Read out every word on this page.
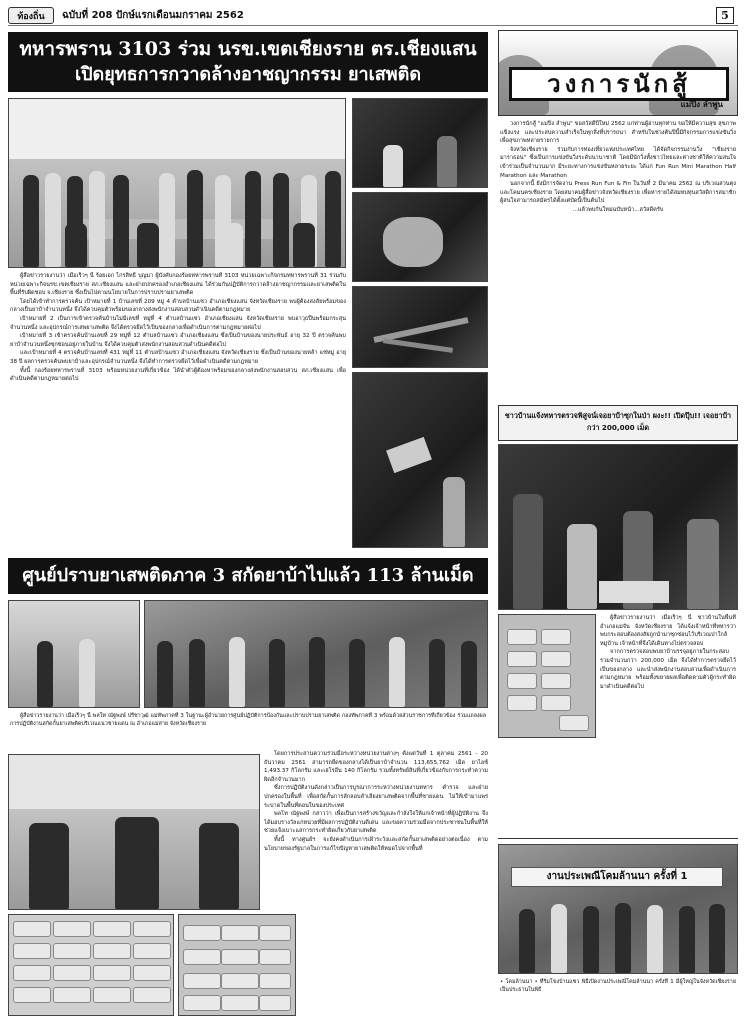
ท้องถิ่น	ฉบับที่ 208 ปักษ์แรกเดือนมกราคม 2562	5
ทหารพราน 3103 ร่วม นรข.เขตเชียงราย ตร.เชียงแสน
เปิดยุทธการกวาดล้างอาชญากรรม ยาเสพติด

ผู้สื่อข่าวรายงานว่า เมื่อเร็วๆ นี้ ร้อยเอก ไกรสิทธิ์ บุญมา ผู้บังคับกองร้อยทหารพรานที่ 3103 หน่วยเฉพาะกิจกรมทหารพรานที่ 31 ร่วมกับหน่วยเฉพาะกิจนรข.เขตเชียงราย สภ.เชียงแสน และฝ่ายปกครองอำเภอเชียงแสน ได้ร่วมกันปฏิบัติการกวาดล้างอาชญากรรมและยาเสพติดในพื้นที่รับผิดชอบ จ.เชียงราย ซึ่งเป็นไปตามนโยบายในการปราบปรามยาเสพติด

โดยได้เข้าทำการตรวจค้น เป้าหมายที่ 1 บ้านเลขที่ 209 หมู่ 4 ตำบลบ้านแซว อำเภอเชียงแสน จังหวัดเชียงราย พบผู้ต้องสงสัยพร้อมของกลางเป็นยาบ้าจำนวนหนึ่ง จึงได้ควบคุมตัวพร้อมของกลางส่งพนักงานสอบสวนดำเนินคดีตามกฎหมาย

เป้าหมายที่ 2 เป็นการเข้าตรวจค้นบ้านไม่มีเลขที่ หมู่ที่ 4 ตำบลบ้านแซว อำเภอเชียงแสน จังหวัดเชียงราย พบอาวุธปืนพร้อมกระสุนจำนวนหนึ่ง และอุปกรณ์การเสพยาเสพติด จึงได้ตรวจยึดไว้เป็นของกลางเพื่อดำเนินการตามกฎหมายต่อไป

เป้าหมายที่ 3 เข้าตรวจค้นบ้านเลขที่ 29 หมู่ที่ 12 ตำบลบ้านแซว อำเภอเชียงแสน ซึ่งเป็นบ้านของนายประพันธ์ อายุ 32 ปี ตรวจค้นพบยาบ้าจำนวนหนึ่งซุกซ่อนอยู่ภายในบ้าน จึงได้ควบคุมตัวส่งพนักงานสอบสวนดำเนินคดีต่อไป

และเป้าหมายที่ 4 ตรวจค้นบ้านเลขที่ 431 หมู่ที่ 11 ตำบลบ้านแซว อำเภอเชียงแสน จังหวัดเชียงราย ซึ่งเป็นบ้านของนายหล้า แซ่หมู่ อายุ 38 ปี ผลการตรวจค้นพบยาบ้าและอุปกรณ์จำนวนหนึ่ง จึงได้ทำการตรวจยึดไว้เพื่อดำเนินคดีตามกฎหมาย

ทั้งนี้ กองร้อยทหารพรานที่ 3103 พร้อมหน่วยงานที่เกี่ยวข้อง ได้นำตัวผู้ต้องหาพร้อมของกลางส่งพนักงานสอบสวน สภ.เชียงแสน เพื่อดำเนินคดีตามกฎหมายต่อไป

ศูนย์ปราบยาเสพติดภาค 3 สกัดยาบ้าไปแล้ว 113 ล้านเม็ด
ผู้สื่อข่าวรายงานว่า เมื่อเร็วๆ นี้ พลโท ณัฐพงษ์ ปรีชาวุฒิ แม่ทัพภาคที่ 3 ในฐานะผู้อำนวยการศูนย์ปฏิบัติการป้องกันและปราบปรามยาเสพติด กองทัพภาคที่ 3 พร้อมด้วยส่วนราชการที่เกี่ยวข้อง ร่วมแถลงผลการปฏิบัติงานสกัดกั้นยาเสพติดบริเวณแนวชายแดน ณ อำเภอแม่สาย จังหวัดเชียงราย

โดยการประสานความร่วมมือระหว่างหน่วยงานต่างๆ ตั้งแต่วันที่ 1 ตุลาคม 2561 - 20 ธันวาคม 2561 สามารถยึดของกลางได้เป็นยาบ้าจำนวน 113,655,762 เม็ด ยาไอซ์ 1,493.37 กิโลกรัม และเฮโรอีน 140 กิโลกรัม รวมทั้งทรัพย์สินที่เกี่ยวข้องกับการกระทำความผิดอีกจำนวนมาก

ซึ่งการปฏิบัติงานดังกล่าวเป็นการบูรณาการระหว่างหน่วยงานทหาร ตำรวจ และฝ่ายปกครองในพื้นที่ เพื่อสกัดกั้นการลักลอบลำเลียงยาเสพติดจากพื้นที่ชายแดน ไม่ให้เข้ามาแพร่ระบาดในพื้นที่ตอนในของประเทศ

พลโท ณัฐพงษ์ กล่าวว่า เพื่อเป็นการสร้างขวัญและกำลังใจให้แก่เจ้าหน้าที่ผู้ปฏิบัติงาน จึงได้มอบรางวัลแก่หน่วยที่มีผลการปฏิบัติงานดีเด่น และขอความร่วมมือจากประชาชนในพื้นที่ให้ช่วยแจ้งเบาะแสการกระทำผิดเกี่ยวกับยาเสพติด

ทั้งนี้ ทางศูนย์ฯ จะยังคงดำเนินการเฝ้าระวังและสกัดกั้นยาเสพติดอย่างต่อเนื่อง ตามนโยบายของรัฐบาลในการแก้ไขปัญหายาเสพติดให้หมดไปจากพื้นที่

วงการนักสู้
แม่ปิง ลำพูน

วงการนักสู้ "แม่ปิง ลำพูน" ขอสวัสดีปีใหม่ 2562 แก่ท่านผู้อ่านทุกท่าน ขอให้มีความสุข สุขภาพแข็งแรง และประสบความสำเร็จในทุกสิ่งที่ปรารถนา สำหรับในช่วงต้นปีนี้มีกิจกรรมการแข่งขันวิ่งเพื่อสุขภาพหลายรายการ

จังหวัดเชียงราย ร่วมกับการท่องเที่ยวแห่งประเทศไทย ได้จัดกิจกรรมงานวิ่ง "เชียงรายมาราธอน" ซึ่งเป็นการแข่งขันวิ่งระดับนานาชาติ โดยมีนักวิ่งทั้งชาวไทยและต่างชาติให้ความสนใจเข้าร่วมเป็นจำนวนมาก มีระยะทางการแข่งขันหลายระยะ ได้แก่ Fun Run Mini Marathon Half Marathon และ Marathon

นอกจากนี้ ยังมีการจัดงาน Press Run Fun & Fin ในวันที่ 2 มีนาคม 2562 ณ บริเวณสวนตุงและโคมนครเชียงราย โดยสมาคมผู้สื่อข่าวจังหวัดเชียงราย เพื่อหารายได้สมทบทุนสวัสดิการสมาชิก ผู้สนใจสามารถสมัครได้ตั้งแต่บัดนี้เป็นต้นไป

...แล้วพบกันใหม่ฉบับหน้า...สวัสดีครับ

ชาวบ้านแจ้งทหารตรวจพิสูจน์เจอยาบ้าซุกในป่า ผงะ!! เปิดปุ๊บ!! เจอยาบ้ากว่า 200,000 เม็ด

ผู้สื่อข่าวรายงานว่า เมื่อเร็วๆ นี้ ชาวบ้านในพื้นที่อำเภอแม่จัน จังหวัดเชียงราย ได้แจ้งเจ้าหน้าที่ทหารว่าพบกระสอบต้องสงสัยถูกนำมาซุกซ่อนไว้บริเวณป่าใกล้หมู่บ้าน เจ้าหน้าที่จึงได้เดินทางไปตรวจสอบ

จากการตรวจสอบพบยาบ้าบรรจุอยู่ภายในกระสอบ รวมจำนวนกว่า 200,000 เม็ด จึงได้ทำการตรวจยึดไว้เป็นของกลาง และนำส่งพนักงานสอบสวนเพื่อดำเนินการตามกฎหมาย พร้อมทั้งขยายผลเพื่อติดตามตัวผู้กระทำผิดมาดำเนินคดีต่อไป

งานประเพณีโคมล้านนา ครั้งที่ 1
• โคมล้านนา • ที่ริมโขงบ้านแซว พิธีเปิดงานประเพณีโคมล้านนา ครั้งที่ 1 มีผู้ใหญ่ในจังหวัดเชียงรายเป็นประธานในพิธี
